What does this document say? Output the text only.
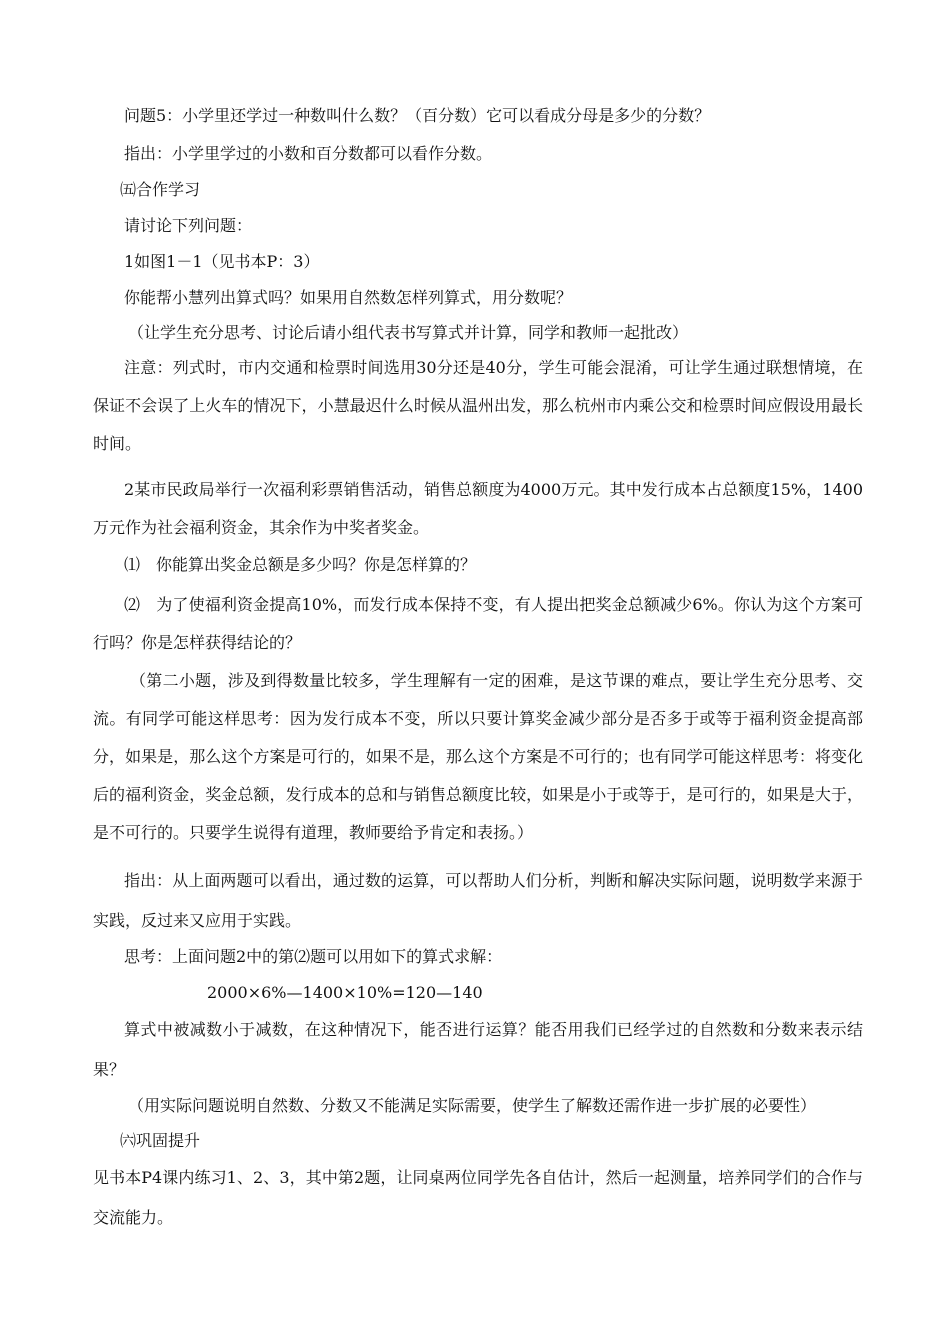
问题5：小学里还学过一种数叫什么数？（百分数）它可以看成分母是多少的分数？
指出：小学里学过的小数和百分数都可以看作分数。
㈤合作学习
请讨论下列问题：
1如图1－1（见书本P：3）
你能帮小慧列出算式吗？如果用自然数怎样列算式，用分数呢？
（让学生充分思考、讨论后请小组代表书写算式并计算，同学和教师一起批改）
注意：列式时，市内交通和检票时间选用30分还是40分，学生可能会混淆，可让学生通过联想情境，在保证不会误了上火车的情况下，小慧最迟什么时候从温州出发，那么杭州市内乘公交和检票时间应假设用最长时间。
2某市民政局举行一次福利彩票销售活动，销售总额度为4000万元。其中发行成本占总额度15%，1400万元作为社会福利资金，其余作为中奖者奖金。
⑴　你能算出奖金总额是多少吗？你是怎样算的？
⑵　为了使福利资金提高10%，而发行成本保持不变，有人提出把奖金总额减少6%。你认为这个方案可行吗？你是怎样获得结论的？
（第二小题，涉及到得数量比较多，学生理解有一定的困难，是这节课的难点，要让学生充分思考、交流。有同学可能这样思考：因为发行成本不变，所以只要计算奖金减少部分是否多于或等于福利资金提高部分，如果是，那么这个方案是可行的，如果不是，那么这个方案是不可行的；也有同学可能这样思考：将变化后的福利资金，奖金总额，发行成本的总和与销售总额度比较，如果是小于或等于，是可行的，如果是大于，是不可行的。只要学生说得有道理，教师要给予肯定和表扬。）
指出：从上面两题可以看出，通过数的运算，可以帮助人们分析，判断和解决实际问题，说明数学来源于实践，反过来又应用于实践。
思考：上面问题2中的第⑵题可以用如下的算式求解：
2000×6%—1400×10%=120—140
算式中被减数小于减数，在这种情况下，能否进行运算？能否用我们已经学过的自然数和分数来表示结果？
（用实际问题说明自然数、分数又不能满足实际需要，使学生了解数还需作进一步扩展的必要性）
㈥巩固提升
见书本P4课内练习1、2、3，其中第2题，让同桌两位同学先各自估计，然后一起测量，培养同学们的合作与交流能力。
